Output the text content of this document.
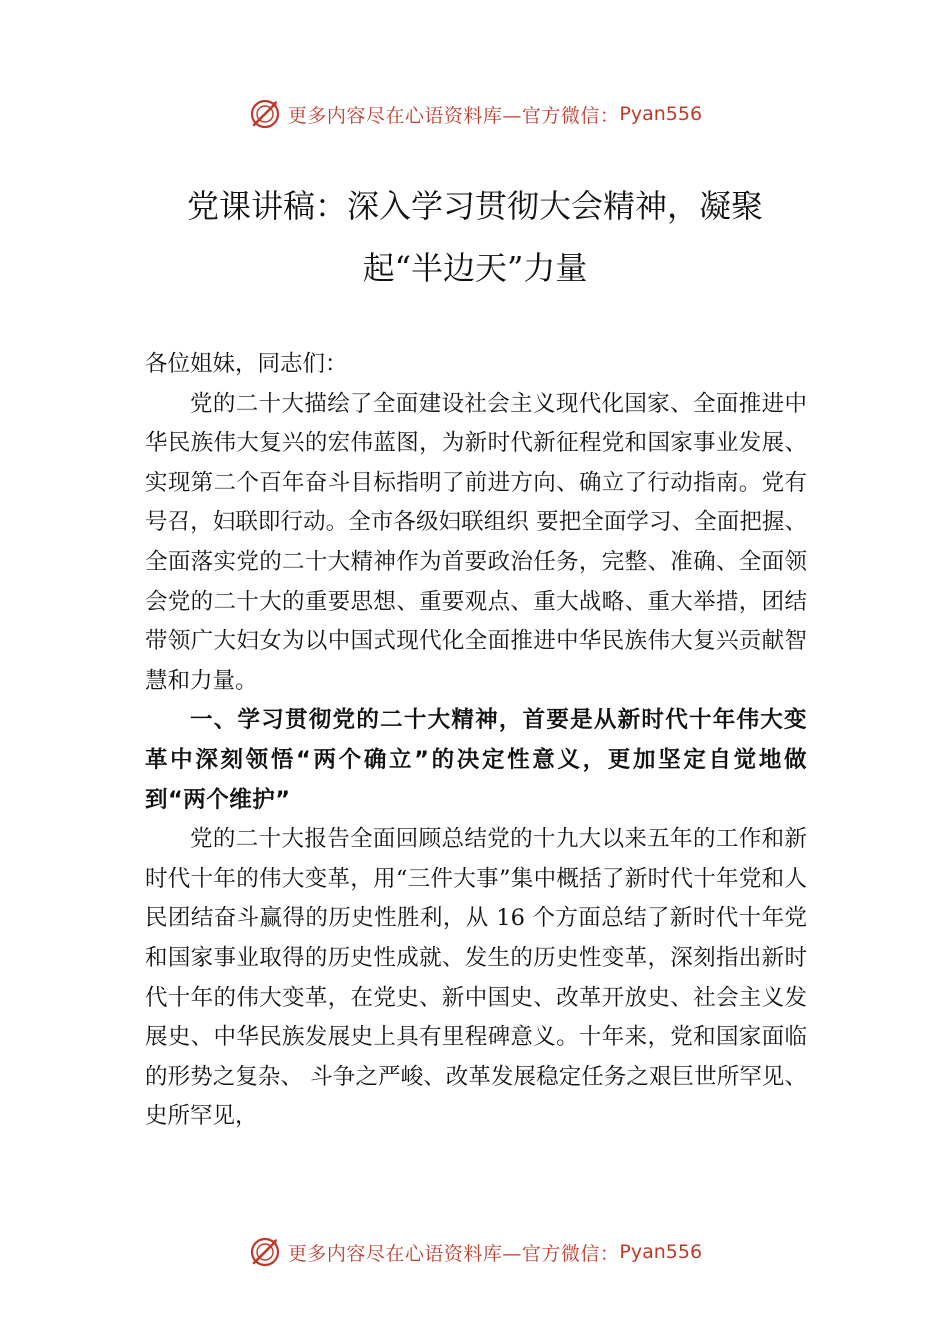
更多内容尽在心语资料库—官方微信： Pyan556
党课讲稿：深入学习贯彻大会精神，凝聚
起“半边天”力量

各位姐妹，同志们：

党的二十大描绘了全面建设社会主义现代化国家、全面推进中华民族伟大复兴的宏伟蓝图，为新时代新征程党和国家事业发展、实现第二个百年奋斗目标指明了前进方向、确立了行动指南。党有号召，妇联即行动。全市各级妇联组织 要把全面学习、全面把握、全面落实党的二十大精神作为首要政治任务，完整、准确、全面领会党的二十大的重要思想、重要观点、重大战略、重大举措，团结带领广大妇女为以中国式现代化全面推进中华民族伟大复兴贡献智慧和力量。

一、学习贯彻党的二十大精神，首要是从新时代十年伟大变革中深刻领悟“两个确立”的决定性意义，更加坚定自觉地做到“两个维护”

党的二十大报告全面回顾总结党的十九大以来五年的工作和新时代十年的伟大变革，用“三件大事”集中概括了新时代十年党和人民团结奋斗赢得的历史性胜利，从 16 个方面总结了新时代十年党和国家事业取得的历史性成就、发生的历史性变革，深刻指出新时代十年的伟大变革，在党史、新中国史、改革开放史、社会主义发展史、中华民族发展史上具有里程碑意义。十年来，党和国家面临的形势之复杂、 斗争之严峻、改革发展稳定任务之艰巨世所罕见、史所罕见，

更多内容尽在心语资料库—官方微信： Pyan556
